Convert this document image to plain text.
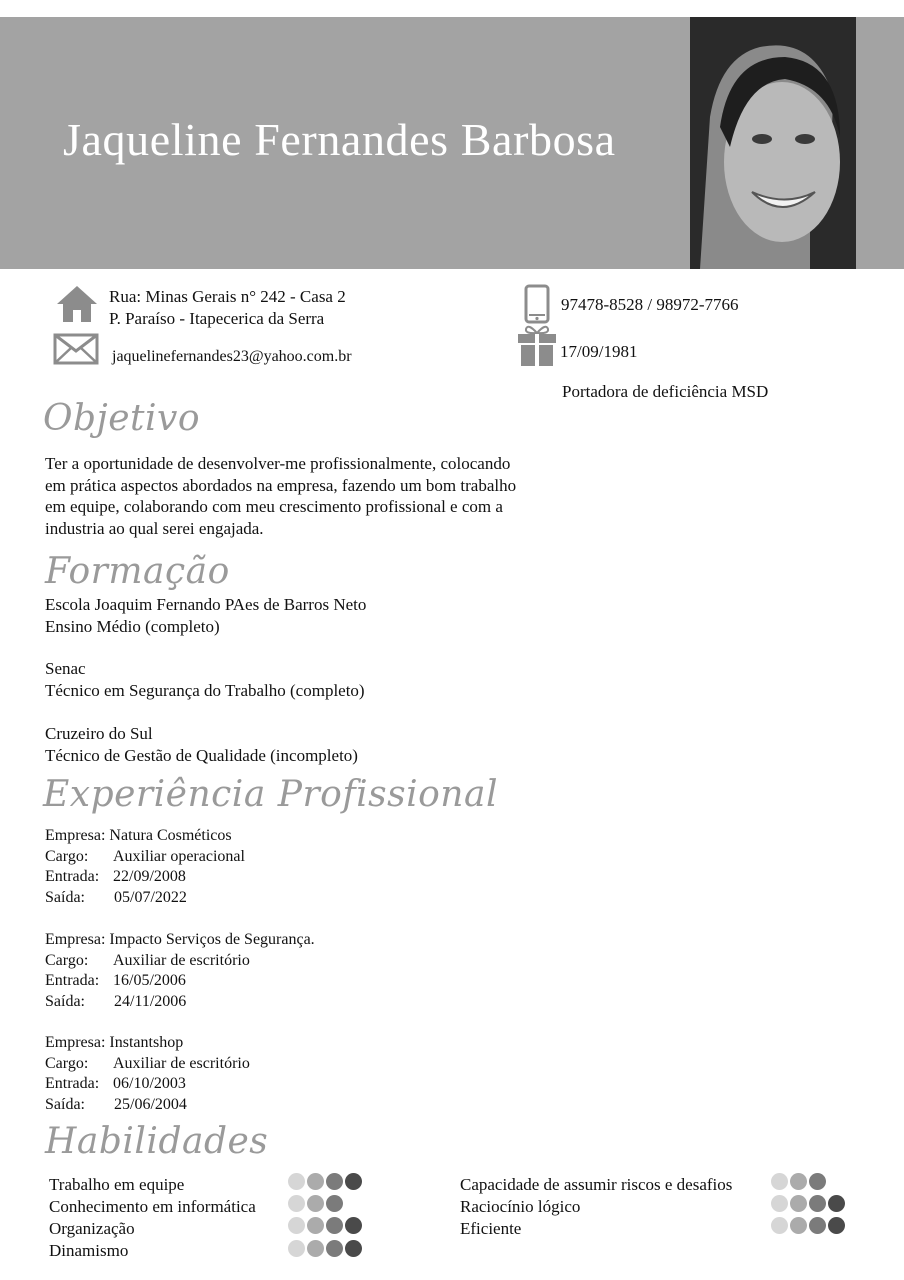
Jaqueline Fernandes Barbosa
Rua: Minas Gerais n° 242 - Casa 2
P. Paraíso - Itapecerica da Serra
jaquelinefernandes23@yahoo.com.br
97478-8528 / 98972-7766
17/09/1981
Portadora de deficiência MSD
Objetivo
Ter a oportunidade de desenvolver-me profissionalmente, colocando
em prática aspectos abordados na empresa, fazendo um bom trabalho
em equipe, colaborando com meu crescimento profissional e com a
industria ao qual serei engajada.
Formação
Escola Joaquim Fernando PAes de Barros Neto
Ensino Médio (completo)
Senac
Técnico em Segurança do Trabalho (completo)
Cruzeiro do Sul
Técnico de Gestão de Qualidade (incompleto)
Experiência Profissional
Empresa:
Natura Cosméticos
Cargo:	Auxiliar operacional
Entrada: 22/09/2008
Saída:	05/07/2022
Empresa:
Impacto Serviços de Segurança.
Cargo:	Auxiliar de escritório
Entrada: 16/05/2006
Saída:	24/11/2006
Empresa:
Instantshop
Cargo:	Auxiliar de escritório
Entrada: 06/10/2003
Saída:	25/06/2004
Habilidades
Trabalho em equipe
Conhecimento em informática
Organização
Dinamismo
Capacidade de assumir riscos e desafios
Raciocínio lógico
Eficiente
